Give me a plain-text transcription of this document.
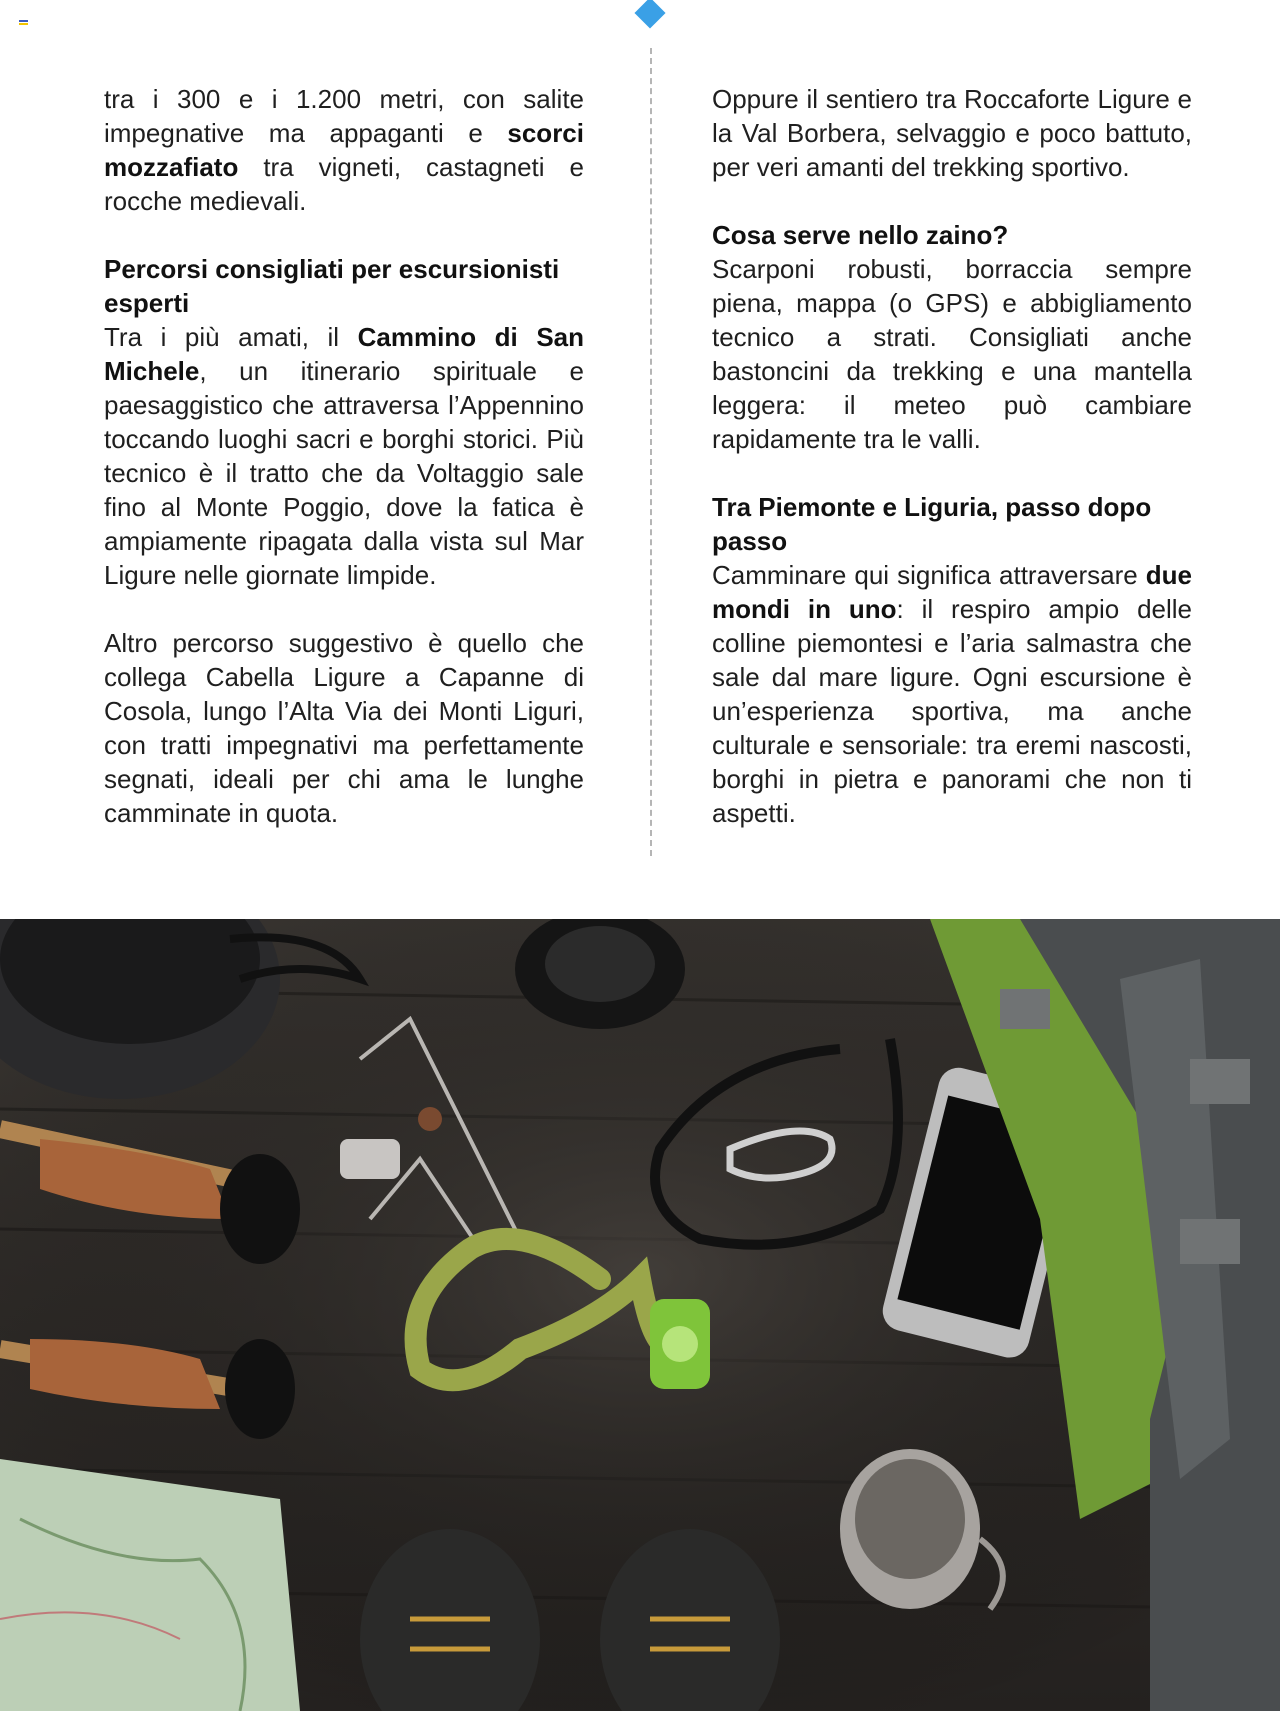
tra i 300 e i 1.200 metri, con salite impegnative ma appaganti e scorci mozzafiato tra vigneti, castagneti e rocche medievali.

Percorsi consigliati per escursionisti esperti

Tra i più amati, il Cammino di San Michele, un itinerario spirituale e paesaggistico che attraversa l’Appennino toccando luoghi sacri e borghi storici. Più tecnico è il tratto che da Voltaggio sale fino al Monte Poggio, dove la fatica è ampiamente ripagata dalla vista sul Mar Ligure nelle giornate limpide.

Altro percorso suggestivo è quello che collega Cabella Ligure a Capanne di Cosola, lungo l’Alta Via dei Monti Liguri, con tratti impegnativi ma perfettamente segnati, ideali per chi ama le lunghe camminate in quota.

Oppure il sentiero tra Roccaforte Ligure e la Val Borbera, selvaggio e poco battuto, per veri amanti del trekking sportivo.

Cosa serve nello zaino?

Scarponi robusti, borraccia sempre piena, mappa (o GPS) e abbigliamento tecnico a strati. Consigliati anche bastoncini da trekking e una mantella leggera: il meteo può cambiare rapidamente tra le valli.

Tra Piemonte e Liguria, passo dopo passo

Camminare qui significa attraversare due mondi in uno: il respiro ampio delle colline piemontesi e l’aria salmastra che sale dal mare ligure. Ogni escursione è un’esperienza sportiva, ma anche culturale e sensoriale: tra eremi nascosti, borghi in pietra e panorami che non ti aspetti.
